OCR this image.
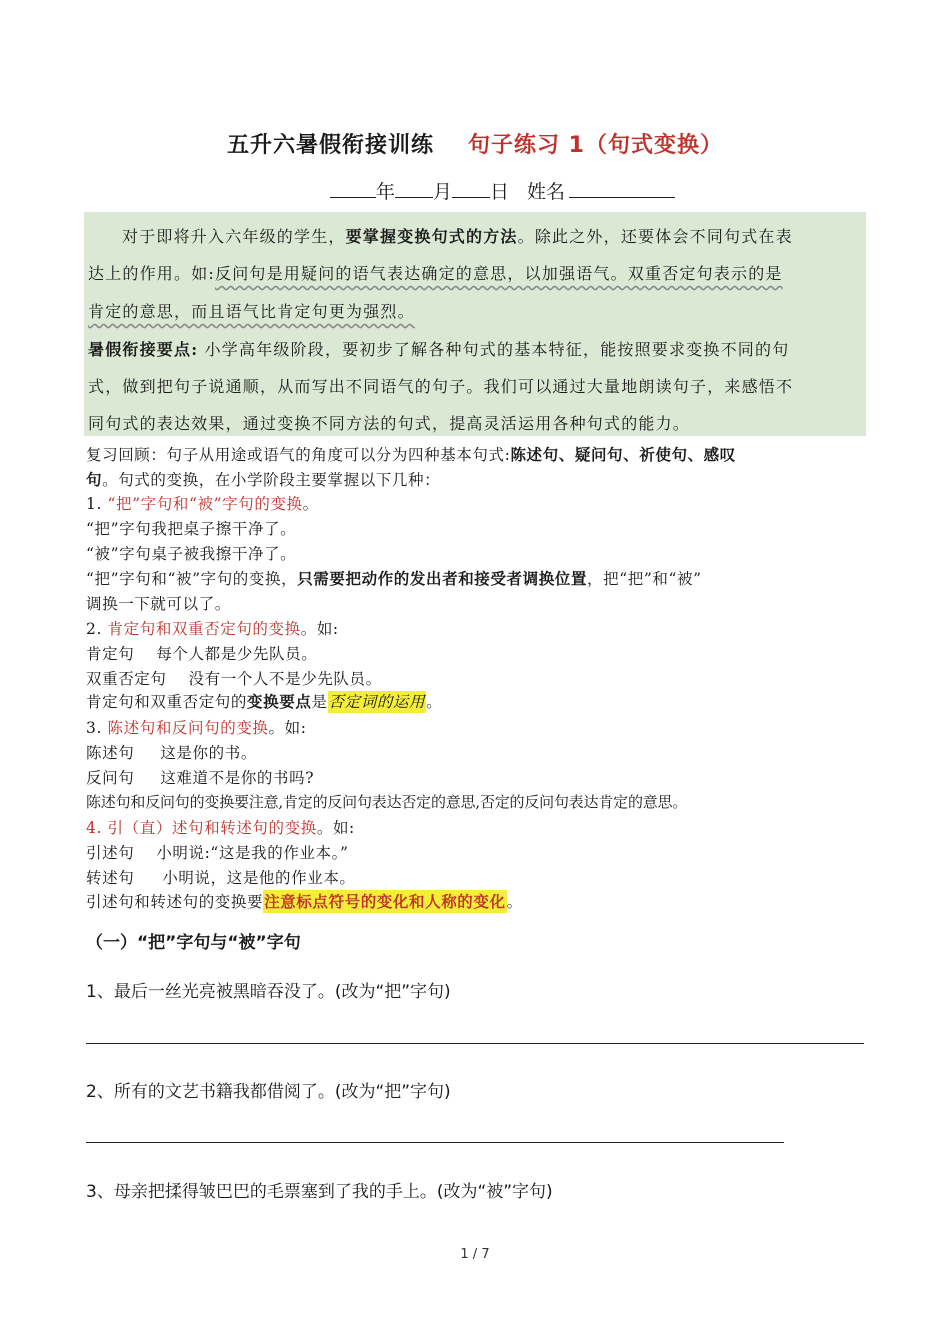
五升六暑假衔接训练 句子练习 1（句式变换）
年 月 日 姓名
对于即将升入六年级的学生，要掌握变换句式的方法。除此之外，还要体会不同句式在表
达上的作用。如:反问句是用疑问的语气表达确定的意思，以加强语气。双重否定句表示的是
肯定的意思，而且语气比肯定句更为强烈。
暑假衔接要点: 小学高年级阶段，要初步了解各种句式的基本特征，能按照要求变换不同的句
式，做到把句子说通顺，从而写出不同语气的句子。我们可以通过大量地朗读句子，来感悟不
同句式的表达效果，通过变换不同方法的句式，提高灵活运用各种句式的能力。
复习回顾：句子从用途或语气的角度可以分为四种基本句式:陈述句、疑问句、祈使句、感叹
句。句式的变换，在小学阶段主要掌握以下几种：
1. “把”字句和“被”字句的变换。
“把”字句我把桌子擦干净了。
“被”字句桌子被我擦干净了。
“把”字句和“被”字句的变换，只需要把动作的发出者和接受者调换位置，把“把”和“被”
调换一下就可以了。
2. 肯定句和双重否定句的变换。如:
肯定句 每个人都是少先队员。
双重否定句 没有一个人不是少先队员。
肯定句和双重否定句的变换要点是否定词的运用。
3. 陈述句和反问句的变换。如:
陈述句 这是你的书。
反问句 这难道不是你的书吗?
陈述句和反问句的变换要注意,肯定的反问句表达否定的意思,否定的反问句表达肯定的意思。
4. 引（直）述句和转述句的变换。如:
引述句 小明说:“这是我的作业本。”
转述句 小明说，这是他的作业本。
引述句和转述句的变换要注意标点符号的变化和人称的变化。
（一）“把”字句与“被”字句
1、最后一丝光亮被黑暗吞没了。(改为“把”字句)
2、所有的文艺书籍我都借阅了。(改为“把”字句)
3、母亲把揉得皱巴巴的毛票塞到了我的手上。(改为“被”字句)
1 / 7
